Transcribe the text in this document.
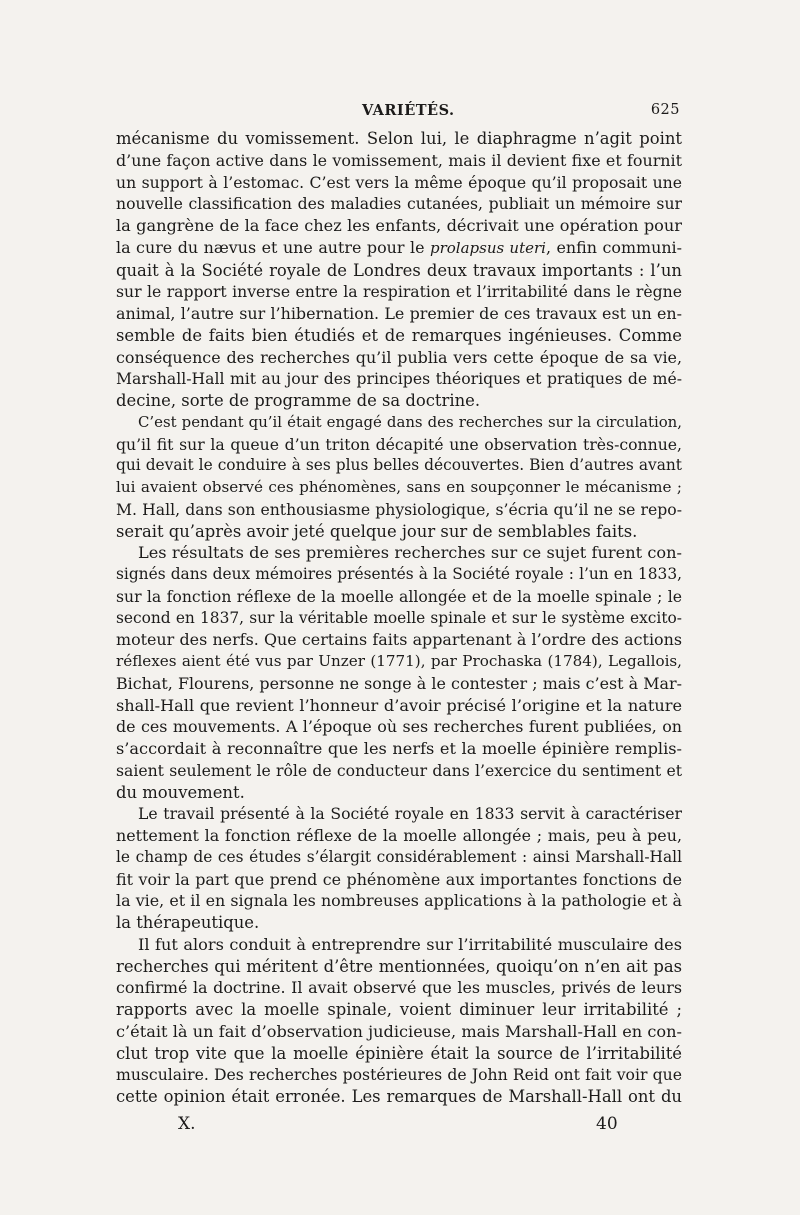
VARIÉTÉS.	625

mécanisme du vomissement. Selon lui, le diaphragme n’agit point
d’une façon active dans le vomissement, mais il devient fixe et fournit
un support à l’estomac. C’est vers la même époque qu’il proposait une
nouvelle classification des maladies cutanées, publiait un mémoire sur
la gangrène de la face chez les enfants, décrivait une opération pour
la cure du nævus et une autre pour le prolapsus uteri, enfin communi-
quait à la Société royale de Londres deux travaux importants : l’un
sur le rapport inverse entre la respiration et l’irritabilité dans le règne
animal, l’autre sur l’hibernation. Le premier de ces travaux est un en-
semble de faits bien étudiés et de remarques ingénieuses. Comme
conséquence des recherches qu’il publia vers cette époque de sa vie,
Marshall-Hall mit au jour des principes théoriques et pratiques de mé-
decine, sorte de programme de sa doctrine.

C’est pendant qu’il était engagé dans des recherches sur la circulation,
qu’il fit sur la queue d’un triton décapité une observation très-connue,
qui devait le conduire à ses plus belles découvertes. Bien d’autres avant
lui avaient observé ces phénomènes, sans en soupçonner le mécanisme ;
M. Hall, dans son enthousiasme physiologique, s’écria qu’il ne se repo-
serait qu’après avoir jeté quelque jour sur de semblables faits.

Les résultats de ses premières recherches sur ce sujet furent con-
signés dans deux mémoires présentés à la Société royale : l’un en 1833,
sur la fonction réflexe de la moelle allongée et de la moelle spinale ; le
second en 1837, sur la véritable moelle spinale et sur le système excito-
moteur des nerfs. Que certains faits appartenant à l’ordre des actions
réflexes aient été vus par Unzer (1771), par Prochaska (1784), Legallois,
Bichat, Flourens, personne ne songe à le contester ; mais c’est à Mar-
shall-Hall que revient l’honneur d’avoir précisé l’origine et la nature
de ces mouvements. A l’époque où ses recherches furent publiées, on
s’accordait à reconnaître que les nerfs et la moelle épinière remplis-
saient seulement le rôle de conducteur dans l’exercice du sentiment et
du mouvement.

Le travail présenté à la Société royale en 1833 servit à caractériser
nettement la fonction réflexe de la moelle allongée ; mais, peu à peu,
le champ de ces études s’élargit considérablement : ainsi Marshall-Hall
fit voir la part que prend ce phénomène aux importantes fonctions de
la vie, et il en signala les nombreuses applications à la pathologie et à
la thérapeutique.

Il fut alors conduit à entreprendre sur l’irritabilité musculaire des
recherches qui méritent d’être mentionnées, quoiqu’on n’en ait pas
confirmé la doctrine. Il avait observé que les muscles, privés de leurs
rapports avec la moelle spinale, voient diminuer leur irritabilité ;
c’était là un fait d’observation judicieuse, mais Marshall-Hall en con-
clut trop vite que la moelle épinière était la source de l’irritabilité
musculaire. Des recherches postérieures de John Reid ont fait voir que
cette opinion était erronée. Les remarques de Marshall-Hall ont du

X.	40
